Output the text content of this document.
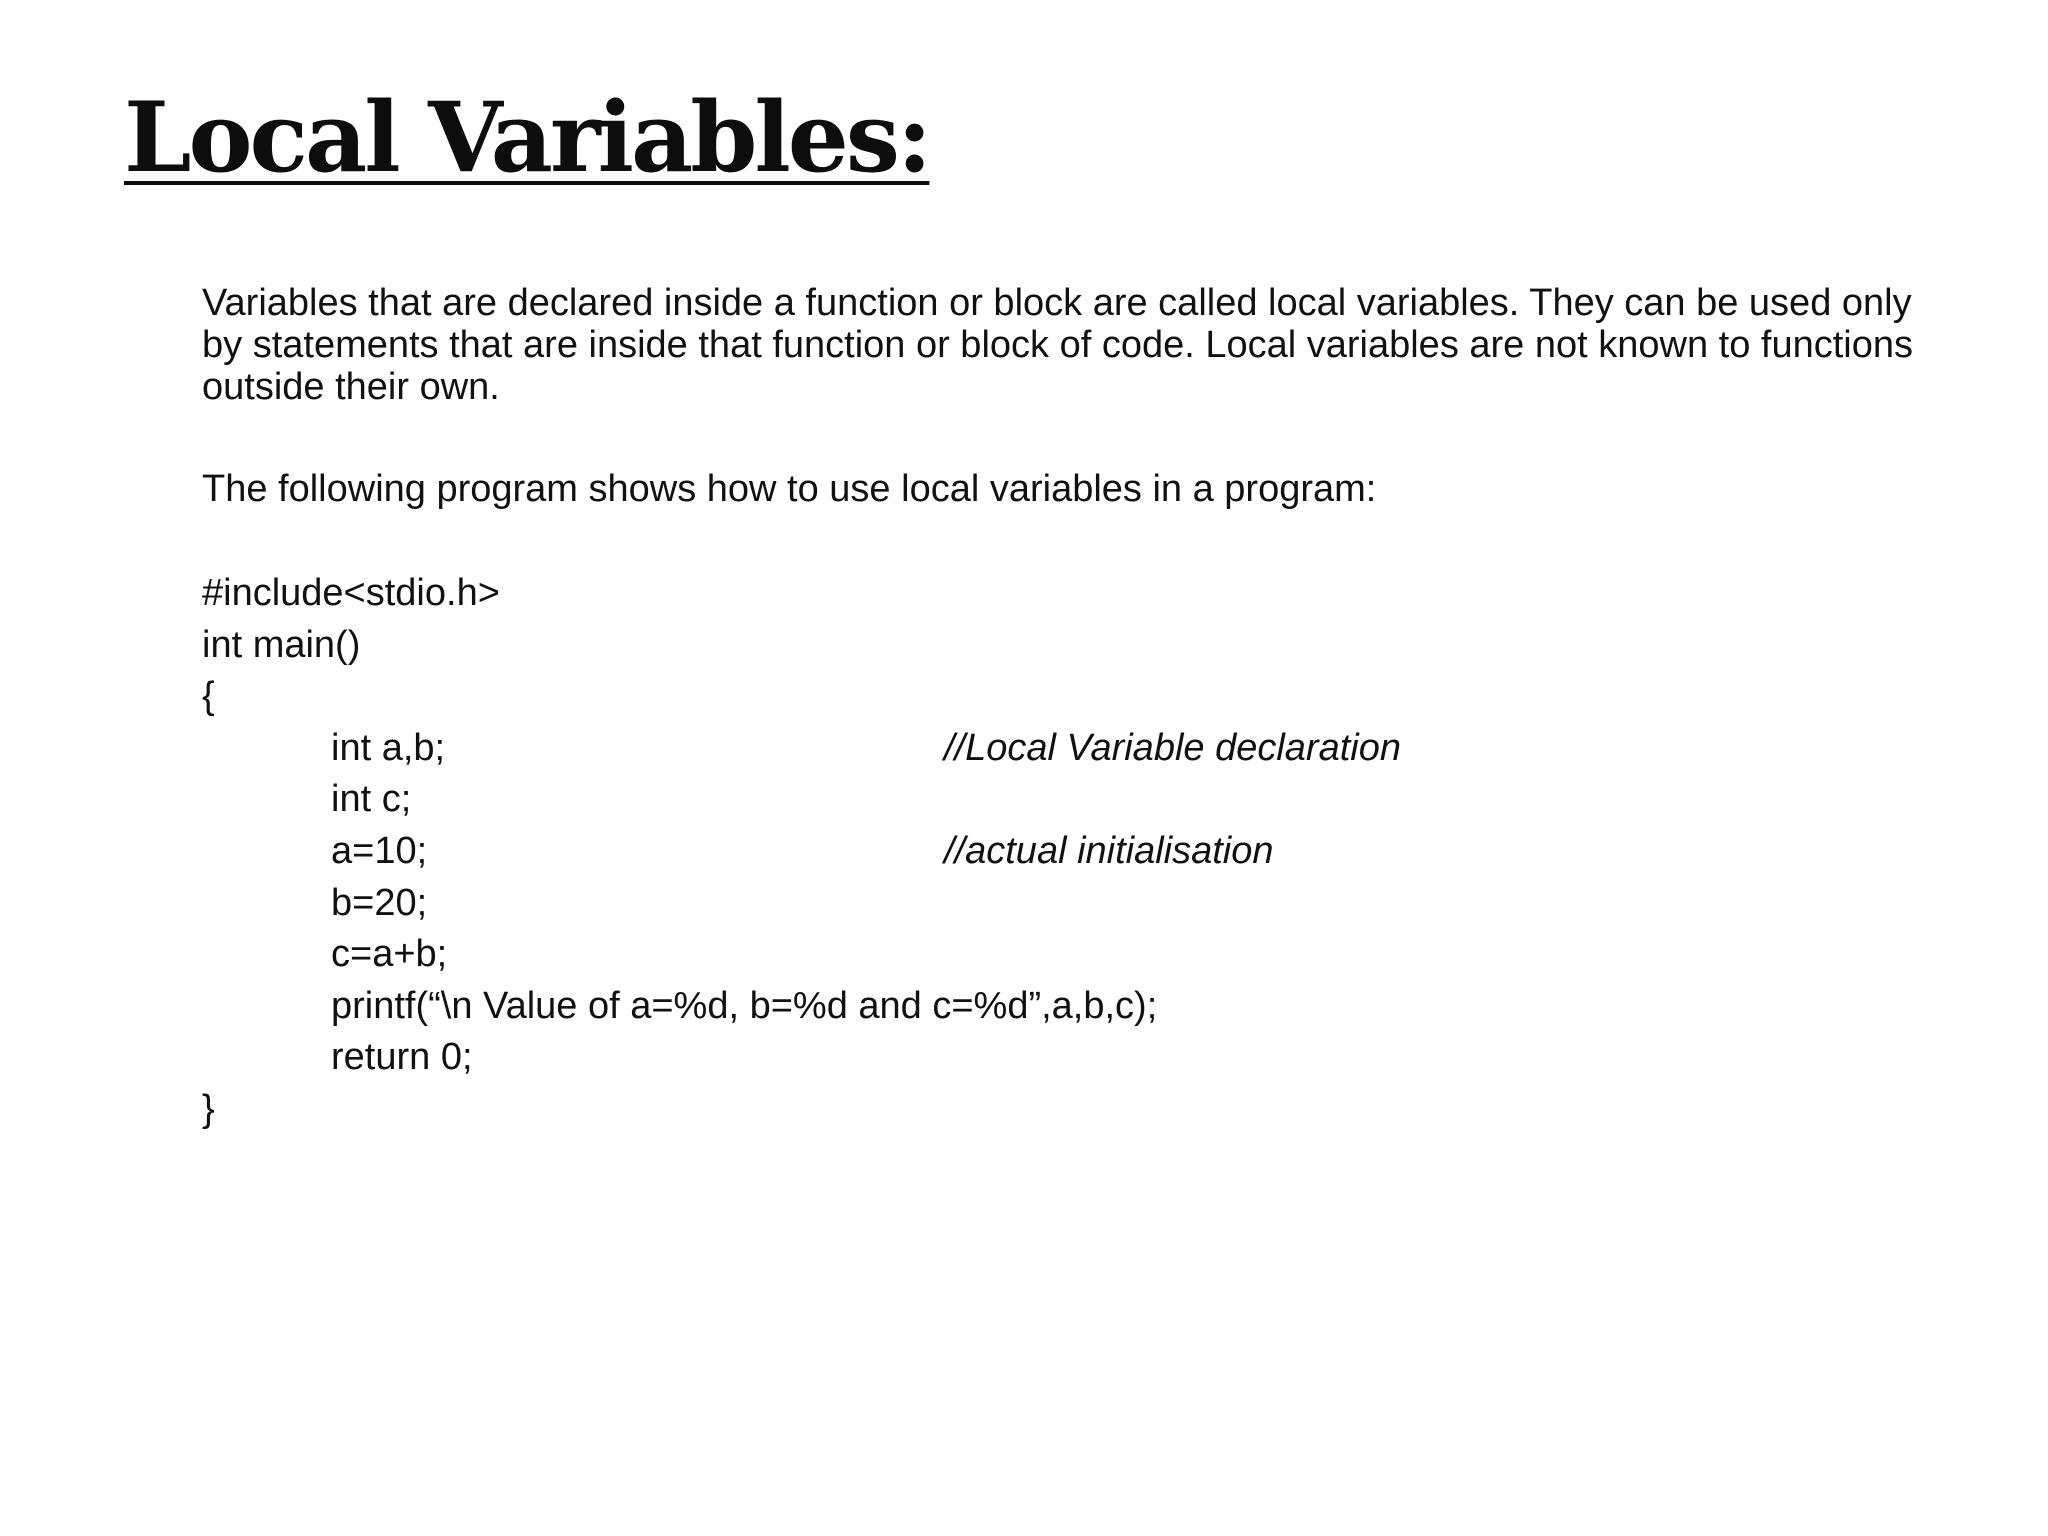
Local Variables:

Variables that are declared inside a function or block are called local variables. They can be used only by statements that are inside that function or block of code. Local variables are not known to functions outside their own.

The following program shows how to use local variables in a program:

#include<stdio.h>
int main()
{
int a,b;	//Local Variable declaration
int c;
a=10;	//actual initialisation
b=20;
c=a+b;
printf(“\n Value of a=%d, b=%d and c=%d”,a,b,c);
return 0;
}
